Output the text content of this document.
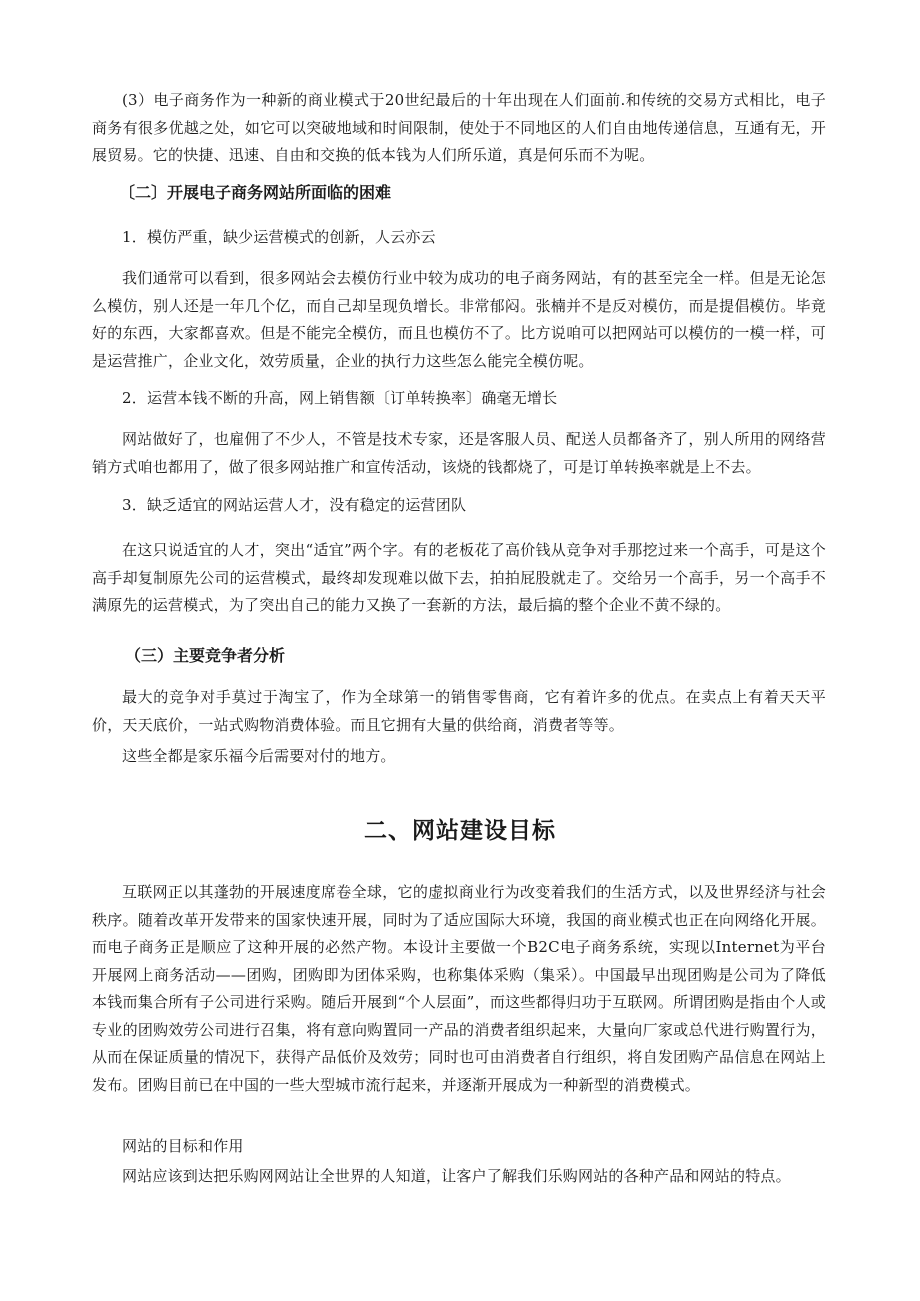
(3）电子商务作为一种新的商业模式于20世纪最后的十年出现在人们面前.和传统的交易方式相比，电子商务有很多优越之处，如它可以突破地域和时间限制，使处于不同地区的人们自由地传递信息，互通有无，开展贸易。它的快捷、迅速、自由和交换的低本钱为人们所乐道，真是何乐而不为呢。

〔二〕开展电子商务网站所面临的困难

1．模仿严重，缺少运营模式的创新，人云亦云

我们通常可以看到，很多网站会去模仿行业中较为成功的电子商务网站，有的甚至完全一样。但是无论怎么模仿，别人还是一年几个亿，而自己却呈现负增长。非常郁闷。张楠并不是反对模仿，而是提倡模仿。毕竟好的东西，大家都喜欢。但是不能完全模仿，而且也模仿不了。比方说咱可以把网站可以模仿的一模一样，可是运营推广，企业文化，效劳质量，企业的执行力这些怎么能完全模仿呢。

2．运营本钱不断的升高，网上销售额〔订单转换率〕确毫无增长

网站做好了，也雇佣了不少人，不管是技术专家，还是客服人员、配送人员都备齐了，别人所用的网络营销方式咱也都用了，做了很多网站推广和宣传活动，该烧的钱都烧了，可是订单转换率就是上不去。

3．缺乏适宜的网站运营人才，没有稳定的运营团队

在这只说适宜的人才，突出“适宜”两个字。有的老板花了高价钱从竞争对手那挖过来一个高手，可是这个高手却复制原先公司的运营模式，最终却发现难以做下去，拍拍屁股就走了。交给另一个高手，另一个高手不满原先的运营模式，为了突出自己的能力又换了一套新的方法，最后搞的整个企业不黄不绿的。

（三）主要竞争者分析

最大的竞争对手莫过于淘宝了，作为全球第一的销售零售商，它有着许多的优点。在卖点上有着天天平价，天天底价，一站式购物消费体验。而且它拥有大量的供给商，消费者等等。

这些全都是家乐福今后需要对付的地方。

二、网站建设目标

互联网正以其蓬勃的开展速度席卷全球，它的虚拟商业行为改变着我们的生活方式，以及世界经济与社会秩序。随着改革开发带来的国家快速开展，同时为了适应国际大环境，我国的商业模式也正在向网络化开展。而电子商务正是顺应了这种开展的必然产物。本设计主要做一个B2C电子商务系统，实现以Internet为平台开展网上商务活动——团购，团购即为团体采购，也称集体采购（集采）。中国最早出现团购是公司为了降低本钱而集合所有子公司进行采购。随后开展到“个人层面”，而这些都得归功于互联网。所谓团购是指由个人或专业的团购效劳公司进行召集，将有意向购置同一产品的消费者组织起来，大量向厂家或总代进行购置行为，从而在保证质量的情况下，获得产品低价及效劳；同时也可由消费者自行组织，将自发团购产品信息在网站上发布。团购目前已在中国的一些大型城市流行起来，并逐渐开展成为一种新型的消费模式。

网站的目标和作用

网站应该到达把乐购网网站让全世界的人知道，让客户了解我们乐购网站的各种产品和网站的特点。
